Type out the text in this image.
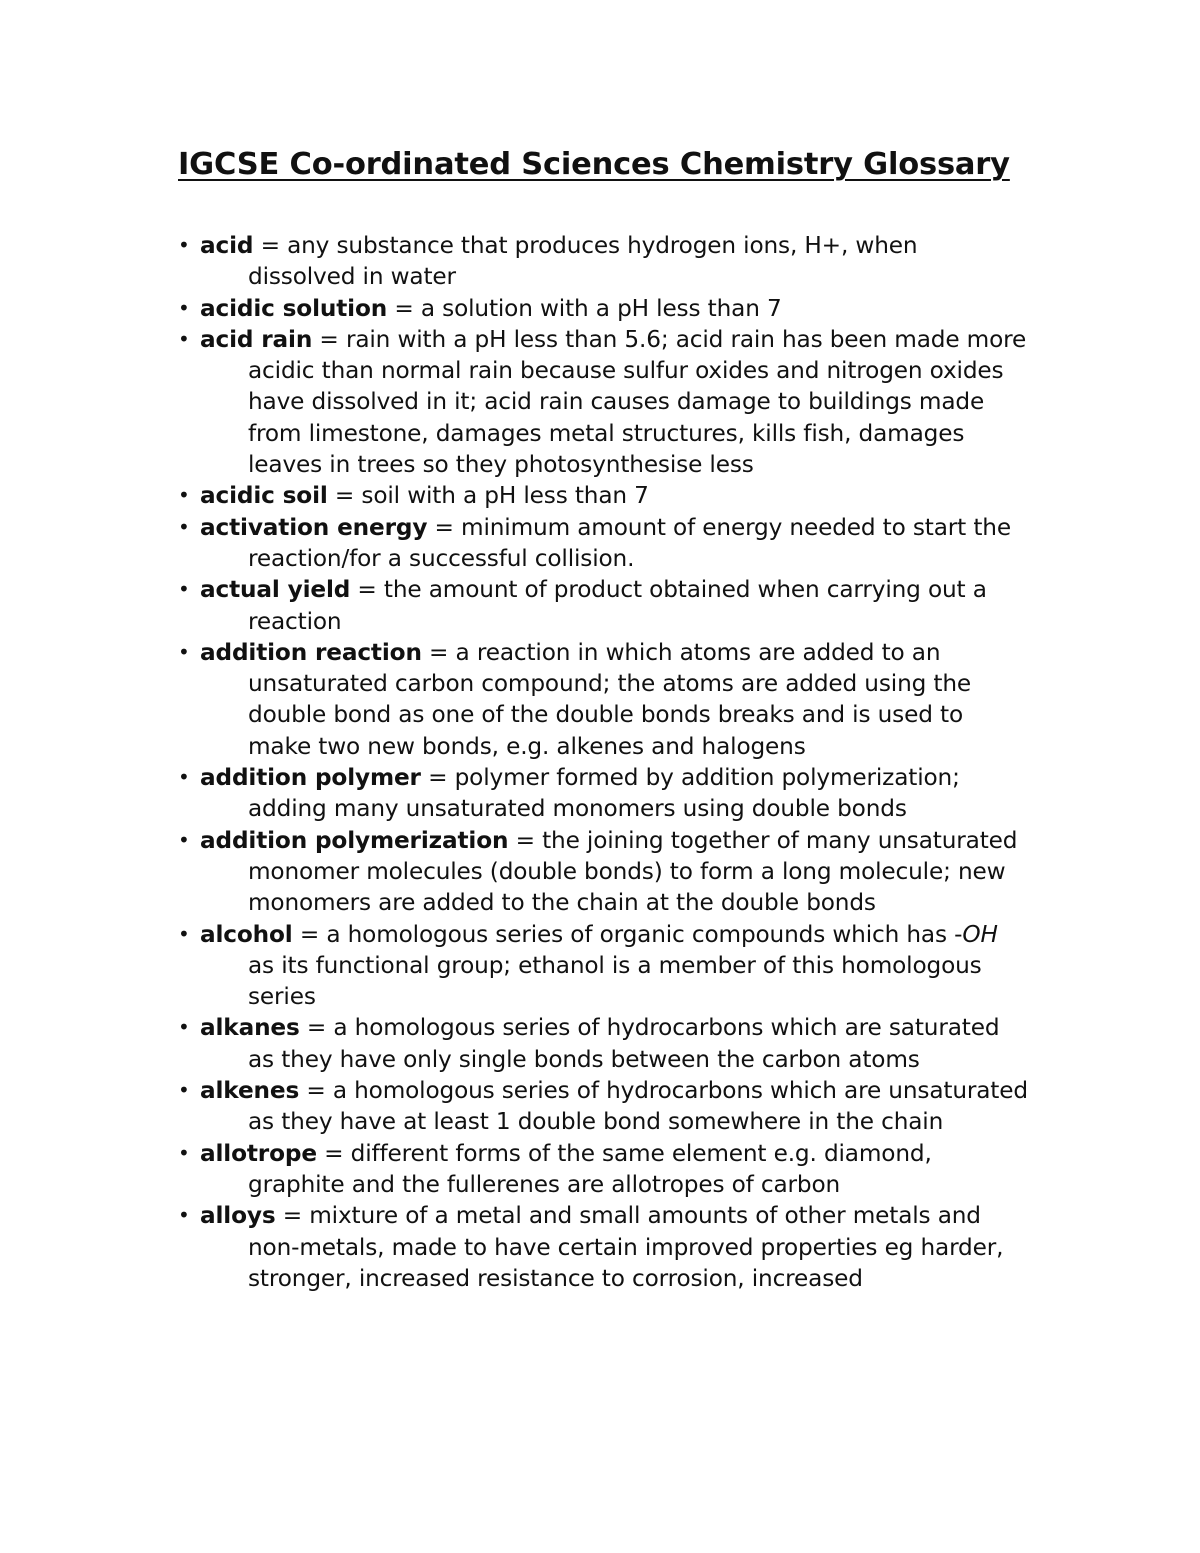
IGCSE Co-ordinated Sciences Chemistry Glossary
• acid = any substance that produces hydrogen ions, H+, when dissolved in water
• acidic solution = a solution with a pH less than 7
• acid rain = rain with a pH less than 5.6; acid rain has been made more acidic than normal rain because sulfur oxides and nitrogen oxides have dissolved in it; acid rain causes damage to buildings made from limestone, damages metal structures, kills fish, damages leaves in trees so they photosynthesise less
• acidic soil = soil with a pH less than 7
• activation energy = minimum amount of energy needed to start the reaction/for a successful collision.
• actual yield = the amount of product obtained when carrying out a reaction
• addition reaction = a reaction in which atoms are added to an unsaturated carbon compound; the atoms are added using the double bond as one of the double bonds breaks and is used to make two new bonds, e.g. alkenes and halogens
• addition polymer = polymer formed by addition polymerization; adding many unsaturated monomers using double bonds
• addition polymerization = the joining together of many unsaturated monomer molecules (double bonds) to form a long molecule; new monomers are added to the chain at the double bonds
• alcohol = a homologous series of organic compounds which has -OH as its functional group; ethanol is a member of this homologous series
• alkanes = a homologous series of hydrocarbons which are saturated as they have only single bonds between the carbon atoms
• alkenes = a homologous series of hydrocarbons which are unsaturated as they have at least 1 double bond somewhere in the chain
• allotrope = different forms of the same element e.g. diamond, graphite and the fullerenes are allotropes of carbon
• alloys = mixture of a metal and small amounts of other metals and non-metals, made to have certain improved properties eg harder, stronger, increased resistance to corrosion, increased
